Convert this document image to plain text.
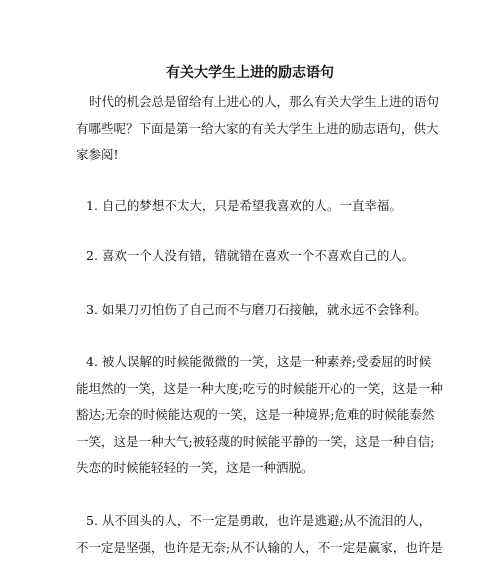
有关大学生上进的励志语句
时代的机会总是留给有上进心的人，那么有关大学生上进的语句
有哪些呢？下面是第一给大家的有关大学生上进的励志语句，供大
家参阅!
1. 自己的梦想不太大，只是希望我喜欢的人。一直幸福。
2. 喜欢一个人没有错，错就错在喜欢一个不喜欢自己的人。
3. 如果刀刃怕伤了自己而不与磨刀石接触，就永远不会锋利。
4. 被人误解的时候能微微的一笑，这是一种素养;受委屈的时候
能坦然的一笑，这是一种大度;吃亏的时候能开心的一笑，这是一种
豁达;无奈的时候能达观的一笑，这是一种境界;危难的时候能泰然
一笑，这是一种大气;被轻蔑的时候能平静的一笑，这是一种自信;
失恋的时候能轻轻的一笑，这是一种洒脱。
5. 从不回头的人，不一定是勇敢，也许是逃避;从不流泪的人，
不一定是坚强，也许是无奈;从不认输的人，不一定是赢家，也许是
